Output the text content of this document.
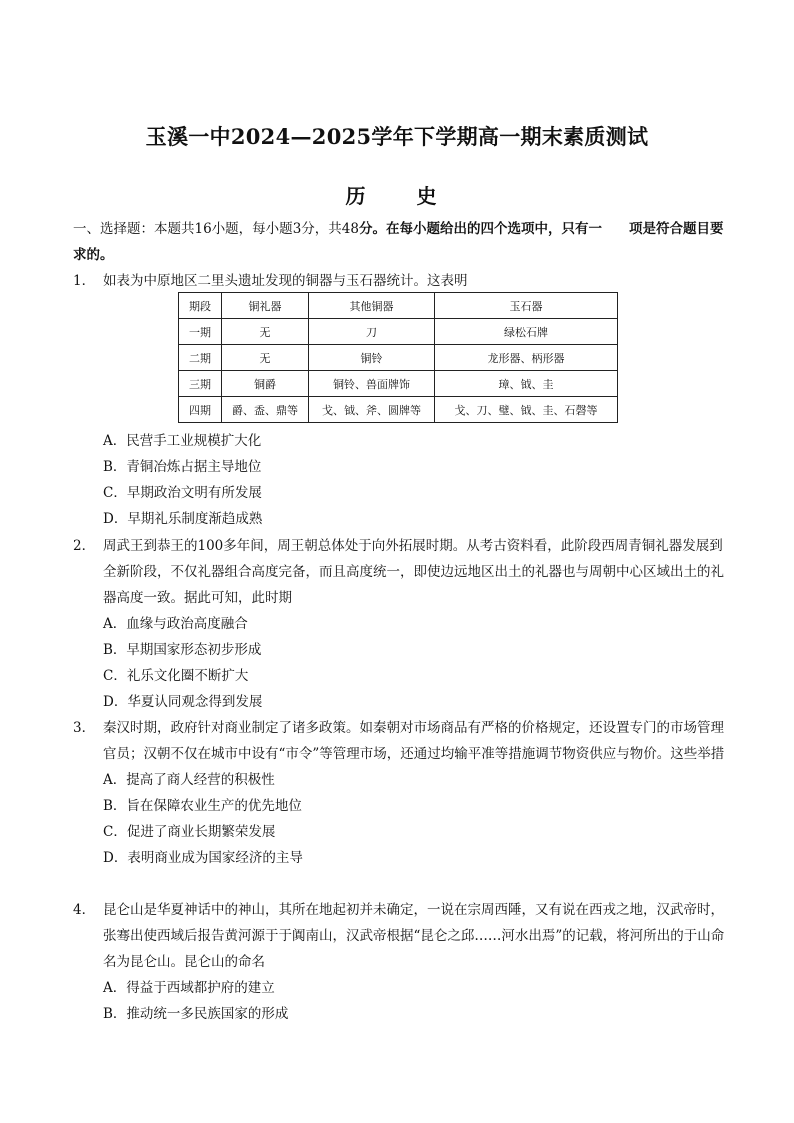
玉溪一中2024—2025学年下学期高一期末素质测试
历 史
一、选择题：本题共16小题，每小题3分，共48分。在每小题给出的四个选项中，只有一　　项是符合题目要求的。
1． 如表为中原地区二里头遗址发现的铜器与玉石器统计。这表明
期段	铜礼器	其他铜器	玉石器
一期	无	刀	绿松石牌
二期	无	铜铃	龙形器、柄形器
三期	铜爵	铜铃、兽面牌饰	璋、钺、圭
四期	爵、盉、鼎等	戈、钺、斧、圆牌等	戈、刀、璧、钺、圭、石磬等
A．民营手工业规模扩大化
B．青铜冶炼占据主导地位
C．早期政治文明有所发展
D．早期礼乐制度渐趋成熟
2． 周武王到恭王的100多年间，周王朝总体处于向外拓展时期。从考古资料看，此阶段西周青铜礼器发展到全新阶段，不仅礼器组合高度完备，而且高度统一，即使边远地区出土的礼器也与周朝中心区域出土的礼器高度一致。据此可知，此时期
A．血缘与政治高度融合
B．早期国家形态初步形成
C．礼乐文化圈不断扩大
D．华夏认同观念得到发展
3． 秦汉时期，政府针对商业制定了诸多政策。如秦朝对市场商品有严格的价格规定，还设置专门的市场管理官员；汉朝不仅在城市中设有“市令”等管理市场，还通过均输平准等措施调节物资供应与物价。这些举措
A．提高了商人经营的积极性
B．旨在保障农业生产的优先地位
C．促进了商业长期繁荣发展
D．表明商业成为国家经济的主导
4． 昆仑山是华夏神话中的神山，其所在地起初并未确定，一说在宗周西陲，又有说在西戎之地，汉武帝时，张骞出使西域后报告黄河源于于阗南山，汉武帝根据“昆仑之邱……河水出焉”的记载，将河所出的于山命名为昆仑山。昆仑山的命名
A．得益于西域都护府的建立
B．推动统一多民族国家的形成
